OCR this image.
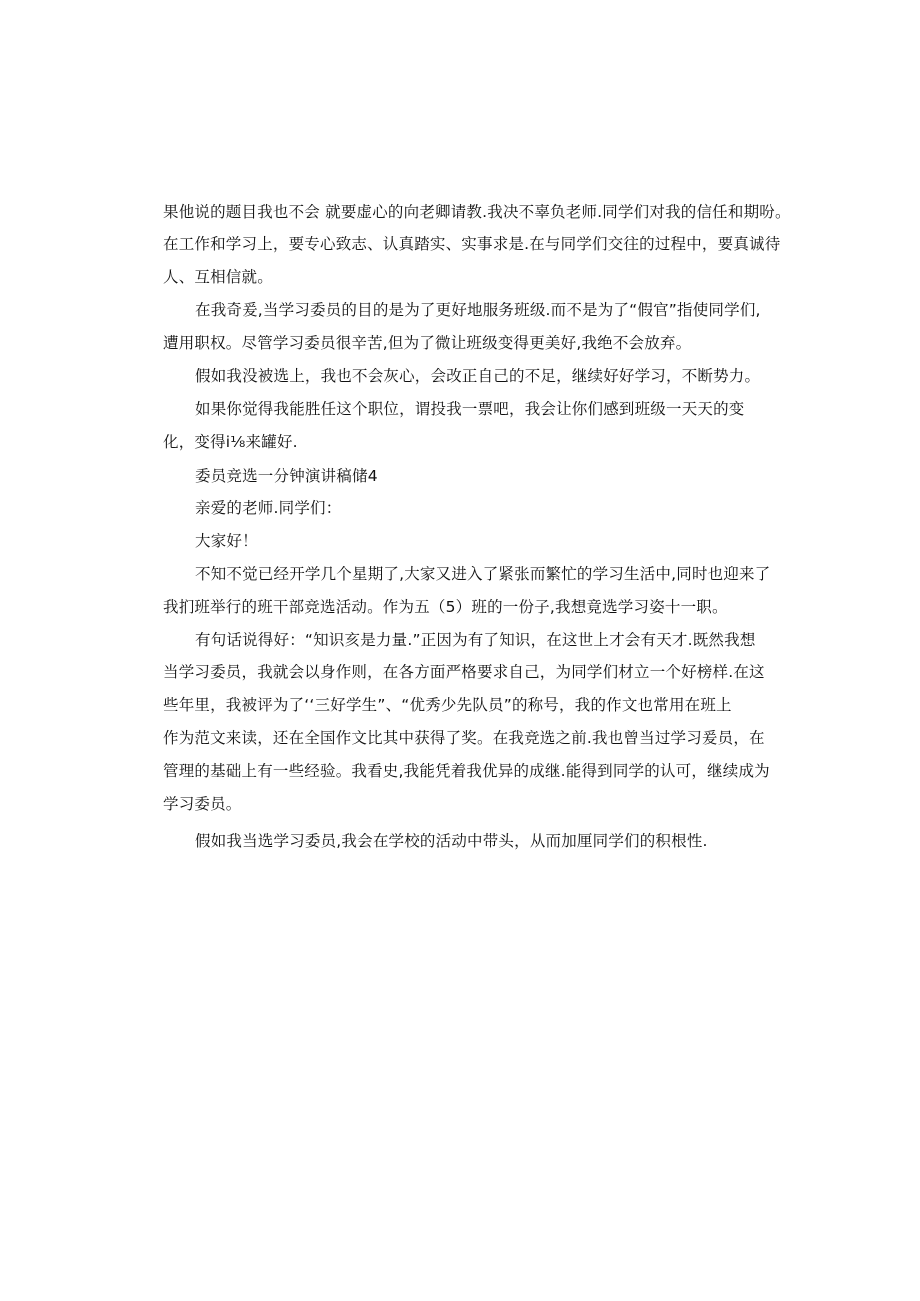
果他说的题目我也不会 就要虚心的向老卿请教.我决不辜负老师.同学们对我的信任和期吩。
在工作和学习上，要专心致志、认真踏实、实事求是.在与同学们交往的过程中，要真诚待
人、互相信就。
在我奇爰,当学习委员的目的是为了更好地服务班级.而不是为了“假官”指使同学们,
遭用职权。尽管学习委员很辛苦,但为了微让班级变得更美好,我绝不会放弃。
假如我没被选上，我也不会灰心，会改正自己的不足，继续好好学习，不断势力。
如果你觉得我能胜任这个职位，谓投我一票吧，我会让你们感到班级一天天的变
化，变得i⅛来罐好.
委员竞选一分钟演讲稿储4
亲爱的老师.同学们：
大家好！
不知不觉已经开学几个星期了,大家又进入了紧张而繁忙的学习生活中,同时也迎来了
我扪班举行的班干部竞选活动。作为五（5）班的一份子,我想竟选学习姿十一职。
有句话说得好：“知识亥是力量.”正因为有了知识，在这世上才会有天才.既然我想
当学习委员，我就会以身作则，在各方面严格要求自己，为同学们材立一个好榜样.在这
些年里，我被评为了‘‘三好学生”、“优秀少先队员”的称号，我的作文也常用在班上
作为范文来读，还在全国作文比其中获得了奖。在我竞选之前.我也曾当过学习爰员，在
管理的基础上有一些经验。我看史,我能凭着我优异的成继.能得到同学的认可，继续成为
学习委员。
假如我当选学习委员,我会在学校的活动中带头，从而加厘同学们的积根性.
